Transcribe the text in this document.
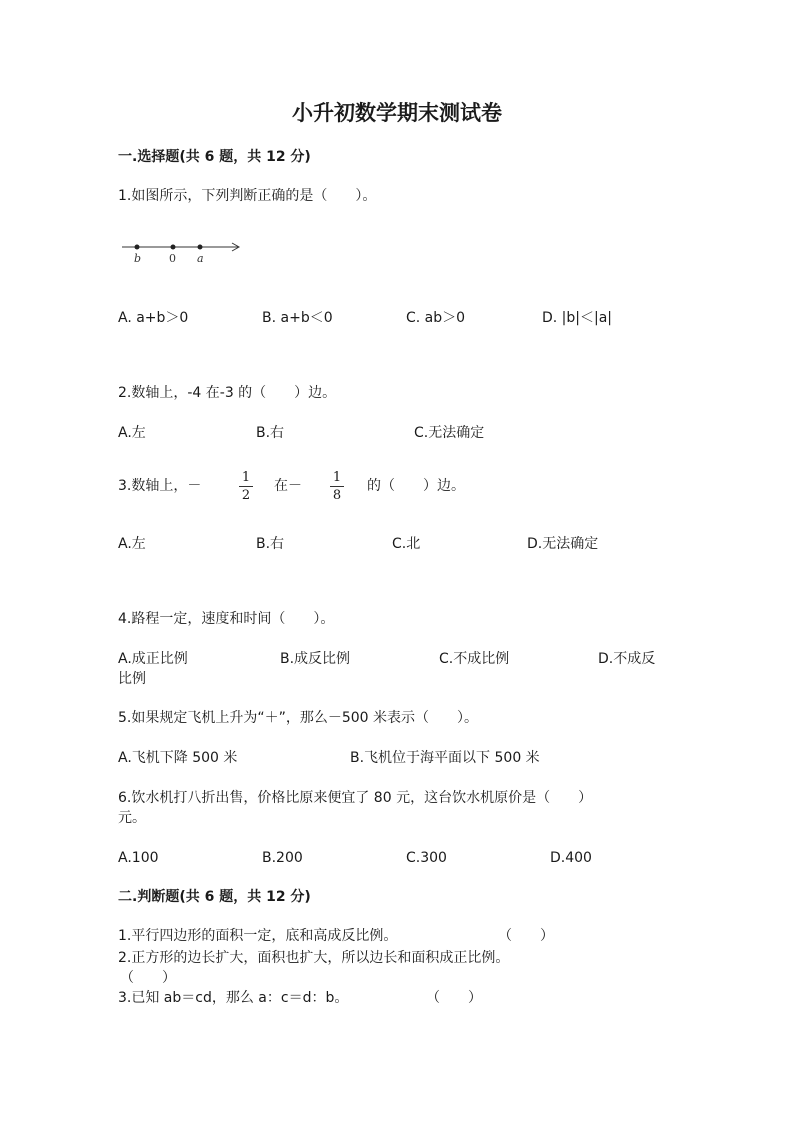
小升初数学期末测试卷
一.选择题(共 6 题，共 12 分)
1.如图所示，下列判断正确的是（　　）。
b	0 a
A. a+b＞0	B. a+b＜0	C. ab＞0	D. |b|＜|a|
2.数轴上，-4 在-3 的（　　）边。
A.左	B.右	C.无法确定
3.数轴上，－
1
2
在－
1
8
的（　　）边。
A.左	B.右	C.北	D.无法确定
4.路程一定，速度和时间（　　）。
A.成正比例	B.成反比例	C.不成比例	D.不成反
比例
5.如果规定飞机上升为“＋”，那么－500 米表示（　　）。
A.飞机下降 500 米	B.飞机位于海平面以下 500 米
6.饮水机打八折出售，价格比原来便宜了 80 元，这台饮水机原价是（　　）
元。
A.100	B.200	C.300	D.400
二.判断题(共 6 题，共 12 分)
1.平行四边形的面积一定，底和高成反比例。	（　　）
2.正方形的边长扩大，面积也扩大，所以边长和面积成正比例。
（　　）
3.已知 ab＝cd，那么 a：c＝d：b。	（　　）
